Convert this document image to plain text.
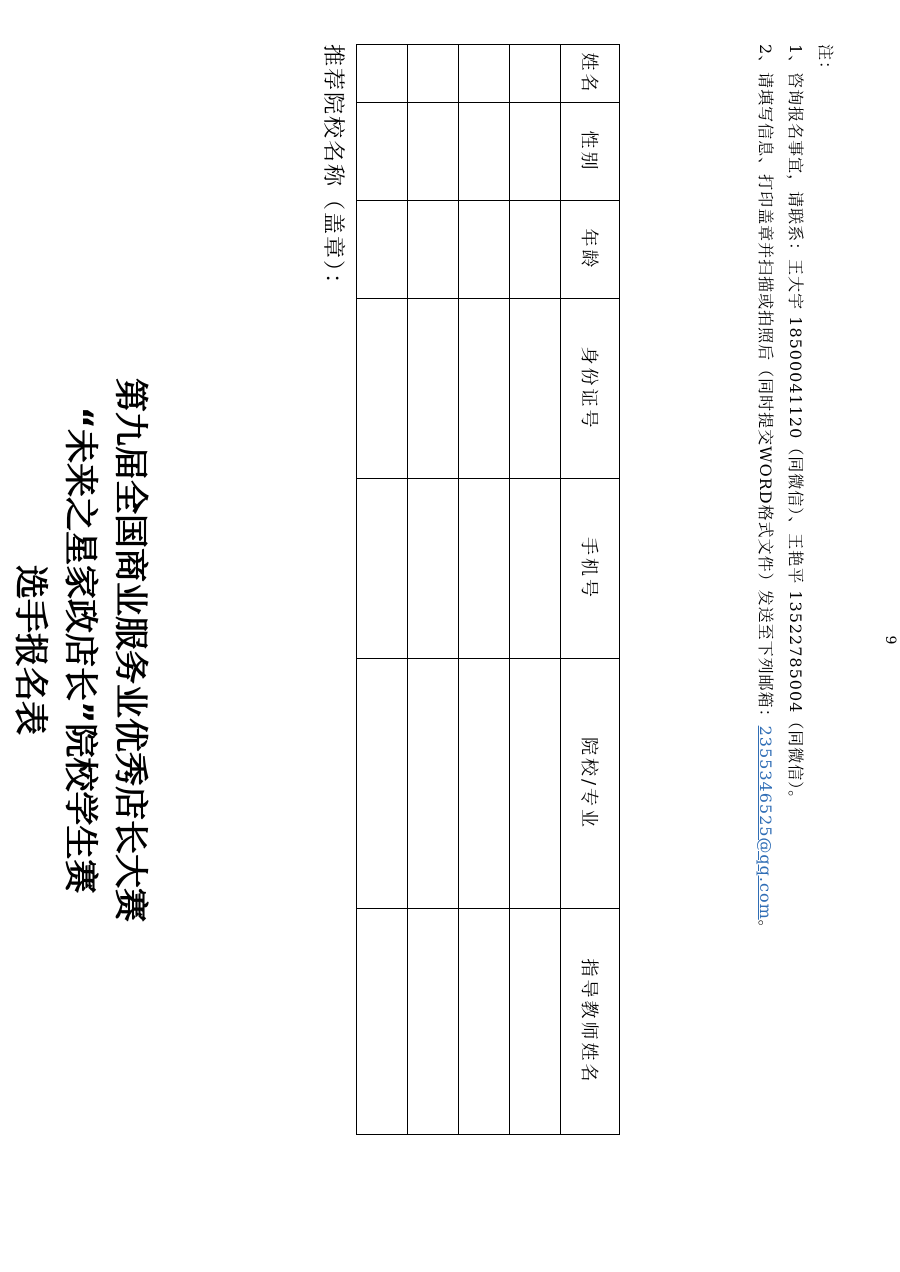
第九届全国商业服务业优秀店长大赛
“未来之星家政店长”院校学生赛
选手报名表
推荐院校名称（盖章）：	姓名	性别	年龄	身份证号	手机号	院校/专业	指导教师姓名

注：
1、咨询报名事宜，请联系：王大宇 18500041120（同微信）、王艳平 13522785004（同微信）。
2、请填写信息、打印盖章并扫描或拍照后（同时提交WORD格式文件）发送至下列邮箱：2355346525@qq.com。
9
